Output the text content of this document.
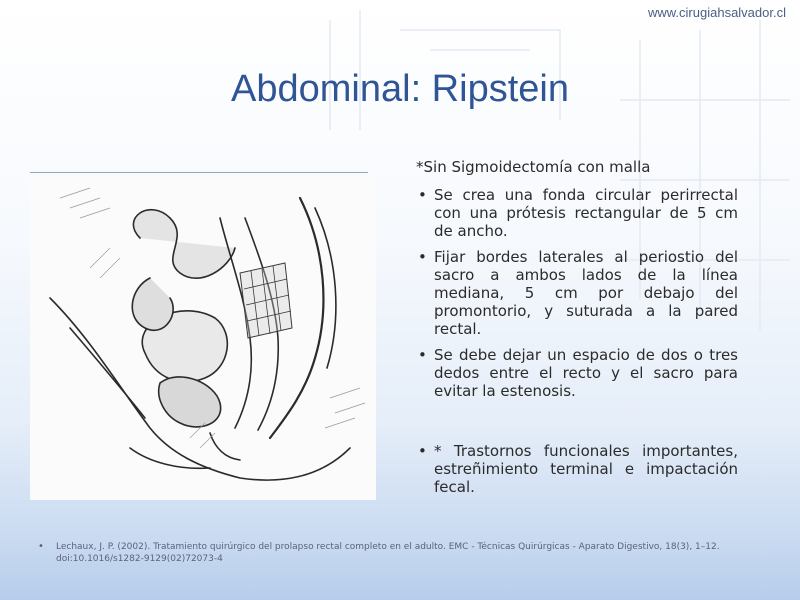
www.cirugiahsalvador.cl
Abdominal: Ripstein

*Sin Sigmoidectomía con malla

• Se crea una fonda circular perirrectal con una prótesis rectangular de 5 cm de ancho.
• Fijar bordes laterales al periostio del sacro a ambos lados de la línea mediana, 5 cm por debajo del promontorio, y suturada a la pared rectal.
• Se debe dejar un espacio de dos o tres dedos entre el recto y el sacro para evitar la estenosis.
• * Trastornos funcionales importantes, estreñimiento terminal e impactación fecal.
• Lechaux, J. P. (2002). Tratamiento quirúrgico del prolapso rectal completo en el adulto. EMC - Técnicas Quirúrgicas - Aparato Digestivo, 18(3), 1–12. doi:10.1016/s1282-9129(02)72073-4
